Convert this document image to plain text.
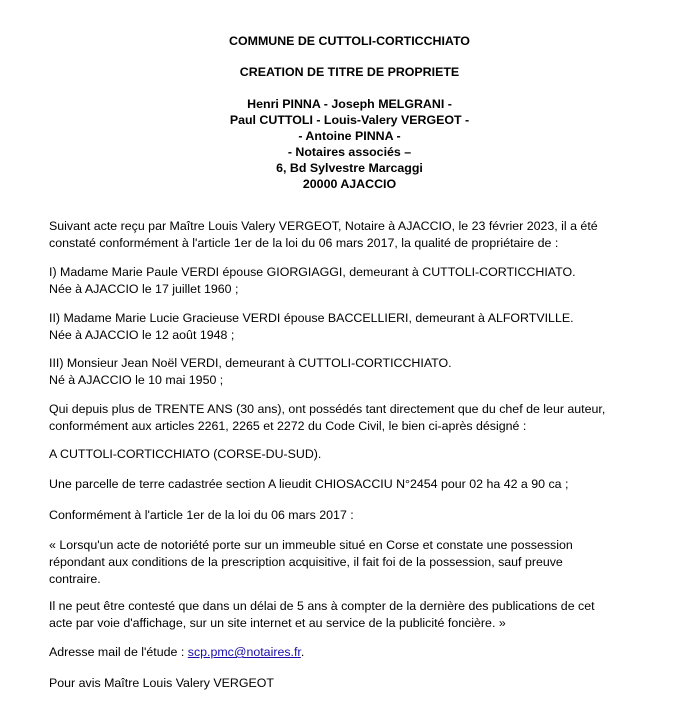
COMMUNE DE CUTTOLI-CORTICCHIATO
CREATION DE TITRE DE PROPRIETE
Henri PINNA - Joseph MELGRANI -
Paul CUTTOLI - Louis-Valery VERGEOT -
- Antoine PINNA -
- Notaires associés –
6, Bd Sylvestre Marcaggi
20000 AJACCIO
Suivant acte reçu par Maître Louis Valery VERGEOT, Notaire à AJACCIO, le 23 février 2023, il a été
constaté conformément à l'article 1er de la loi du 06 mars 2017, la qualité de propriétaire de :
I) Madame Marie Paule VERDI épouse GIORGIAGGI, demeurant à CUTTOLI-CORTICCHIATO.
Née à AJACCIO le 17 juillet 1960 ;
II) Madame Marie Lucie Gracieuse VERDI épouse BACCELLIERI, demeurant à ALFORTVILLE.
Née à AJACCIO le 12 août 1948 ;
III) Monsieur Jean Noël VERDI, demeurant à CUTTOLI-CORTICCHIATO.
Né à AJACCIO le 10 mai 1950 ;
Qui depuis plus de TRENTE ANS (30 ans), ont possédés tant directement que du chef de leur auteur,
conformément aux articles 2261, 2265 et 2272 du Code Civil, le bien ci-après désigné :
A CUTTOLI-CORTICCHIATO (CORSE-DU-SUD).
Une parcelle de terre cadastrée section A lieudit CHIOSACCIU N°2454 pour 02 ha 42 a 90 ca ;
Conformément à l'article 1er de la loi du 06 mars 2017 :
« Lorsqu'un acte de notoriété porte sur un immeuble situé en Corse et constate une possession
répondant aux conditions de la prescription acquisitive, il fait foi de la possession, sauf preuve
contraire.
Il ne peut être contesté que dans un délai de 5 ans à compter de la dernière des publications de cet
acte par voie d'affichage, sur un site internet et au service de la publicité foncière. »
Adresse mail de l'étude : scp.pmc@notaires.fr.
Pour avis Maître Louis Valery VERGEOT
